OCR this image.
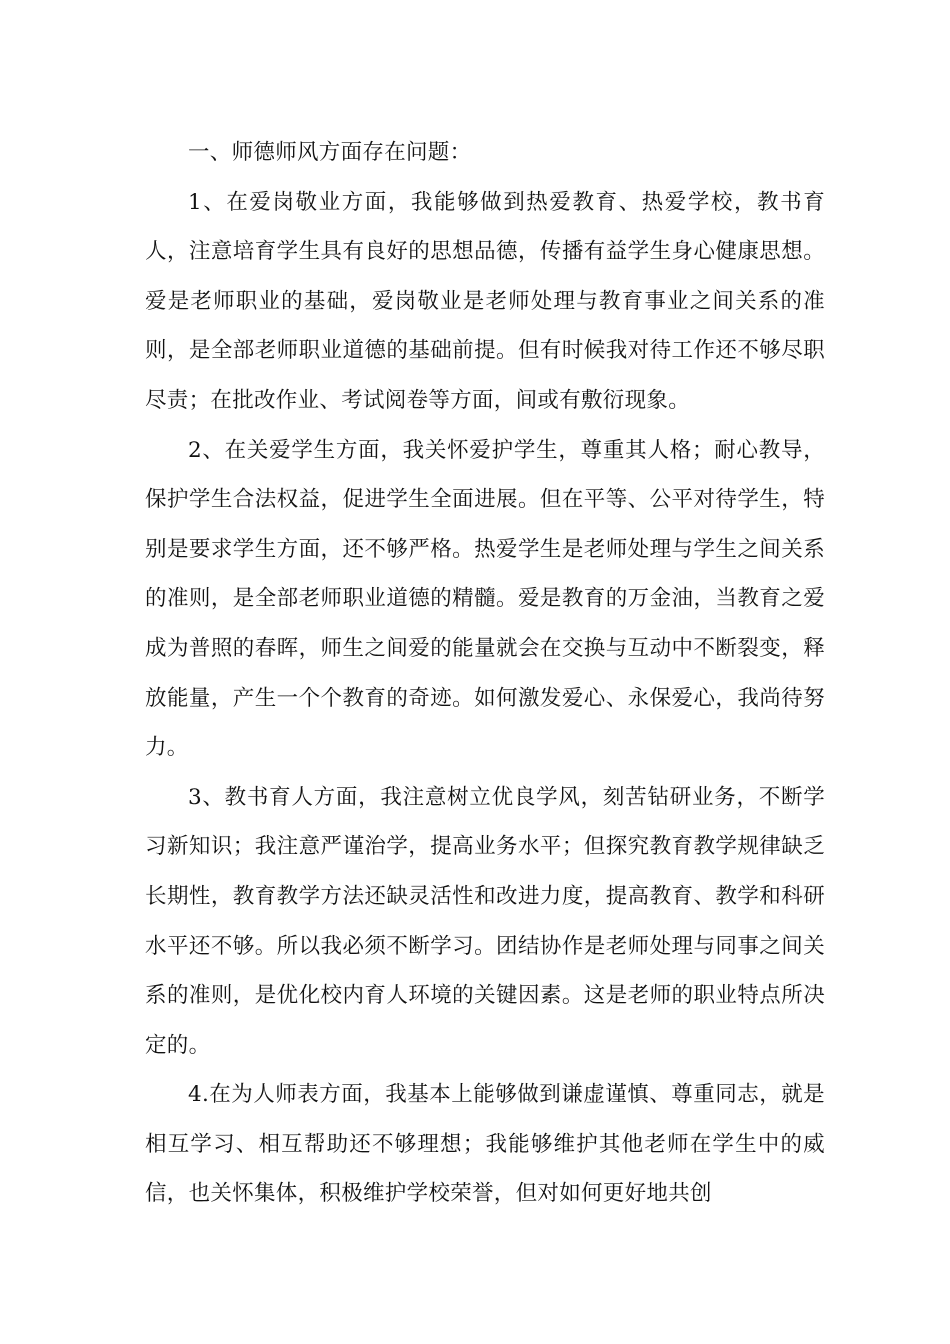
一、师德师风方面存在问题：

1、在爱岗敬业方面，我能够做到热爱教育、热爱学校，教书育人，注意培育学生具有良好的思想品德，传播有益学生身心健康思想。爱是老师职业的基础，爱岗敬业是老师处理与教育事业之间关系的准则，是全部老师职业道德的基础前提。但有时候我对待工作还不够尽职尽责；在批改作业、考试阅卷等方面，间或有敷衍现象。

2、在关爱学生方面，我关怀爱护学生，尊重其人格；耐心教导，保护学生合法权益，促进学生全面进展。但在平等、公平对待学生，特别是要求学生方面，还不够严格。热爱学生是老师处理与学生之间关系的准则，是全部老师职业道德的精髓。爱是教育的万金油，当教育之爱成为普照的春晖，师生之间爱的能量就会在交换与互动中不断裂变，释放能量，产生一个个教育的奇迹。如何激发爱心、永保爱心，我尚待努力。

3、教书育人方面，我注意树立优良学风，刻苦钻研业务，不断学习新知识；我注意严谨治学，提高业务水平；但探究教育教学规律缺乏长期性，教育教学方法还缺灵活性和改进力度，提高教育、教学和科研水平还不够。所以我必须不断学习。团结协作是老师处理与同事之间关系的准则，是优化校内育人环境的关键因素。这是老师的职业特点所决定的。

4.在为人师表方面，我基本上能够做到谦虚谨慎、尊重同志，就是相互学习、相互帮助还不够理想；我能够维护其他老师在学生中的威信，也关怀集体，积极维护学校荣誉，但对如何更好地共创
